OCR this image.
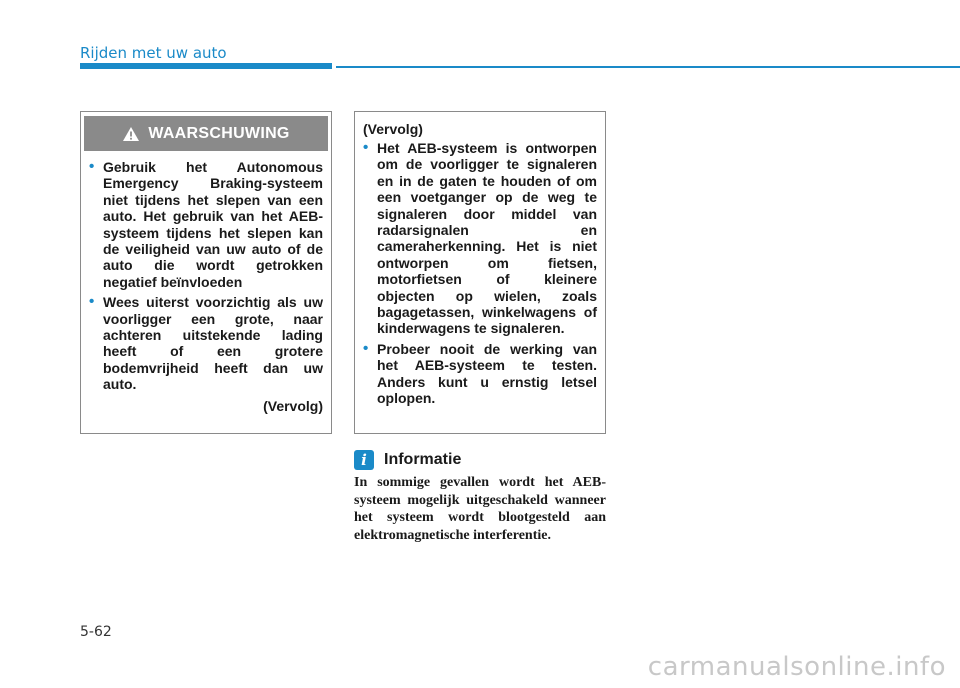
Rijden met uw auto
WAARSCHUWING
• Gebruik het Autonomous Emergency Braking-systeem niet tijdens het slepen van een auto. Het gebruik van het AEB-systeem tijdens het slepen kan de veiligheid van uw auto of de auto die wordt getrokken negatief beïnvloeden
• Wees uiterst voorzichtig als uw voorligger een grote, naar achteren uitstekende lading heeft of een grotere bodemvrijheid heeft dan uw auto.
(Vervolg)
(Vervolg)
• Het AEB-systeem is ontworpen om de voorligger te signaleren en in de gaten te houden of om een voetganger op de weg te signaleren door middel van radarsignalen en cameraherkenning. Het is niet ontworpen om fietsen, motorfietsen of kleinere objecten op wielen, zoals bagagetassen, winkelwagens of kinderwagens te signaleren.
• Probeer nooit de werking van het AEB-systeem te testen. Anders kunt u ernstig letsel oplopen.
i	Informatie
In sommige gevallen wordt het AEB-systeem mogelijk uitgeschakeld wanneer het systeem wordt blootgesteld aan elektromagnetische interferentie.
5-62
carmanualsonline.info
